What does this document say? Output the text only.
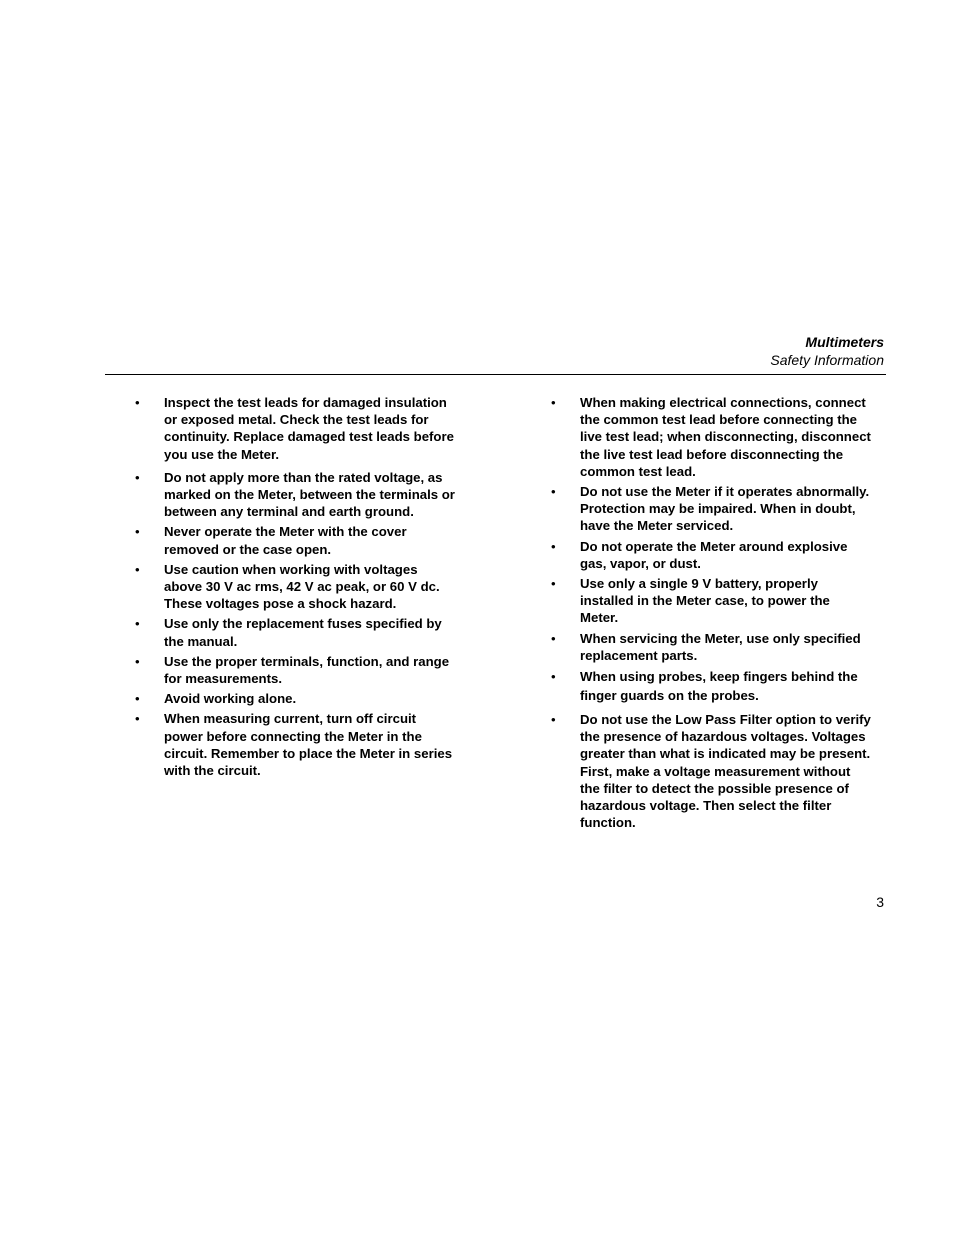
Multimeters
Safety Information
• Inspect the test leads for damaged insulation or exposed metal. Check the test leads for continuity. Replace damaged test leads before you use the Meter.
• Do not apply more than the rated voltage, as marked on the Meter, between the terminals or between any terminal and earth ground.
• Never operate the Meter with the cover removed or the case open.
• Use caution when working with voltages above 30 V ac rms, 42 V ac peak, or 60 V dc. These voltages pose a shock hazard.
• Use only the replacement fuses specified by the manual.
• Use the proper terminals, function, and range for measurements.
• Avoid working alone.
• When measuring current, turn off circuit power before connecting the Meter in the circuit. Remember to place the Meter in series with the circuit.
• When making electrical connections, connect the common test lead before connecting the live test lead; when disconnecting, disconnect the live test lead before disconnecting the common test lead.
• Do not use the Meter if it operates abnormally. Protection may be impaired. When in doubt, have the Meter serviced.
• Do not operate the Meter around explosive gas, vapor, or dust.
• Use only a single 9 V battery, properly installed in the Meter case, to power the Meter.
• When servicing the Meter, use only specified replacement parts.
• When using probes, keep fingers behind the finger guards on the probes.
• Do not use the Low Pass Filter option to verify the presence of hazardous voltages. Voltages greater than what is indicated may be present. First, make a voltage measurement without the filter to detect the possible presence of hazardous voltage. Then select the filter function.
3
